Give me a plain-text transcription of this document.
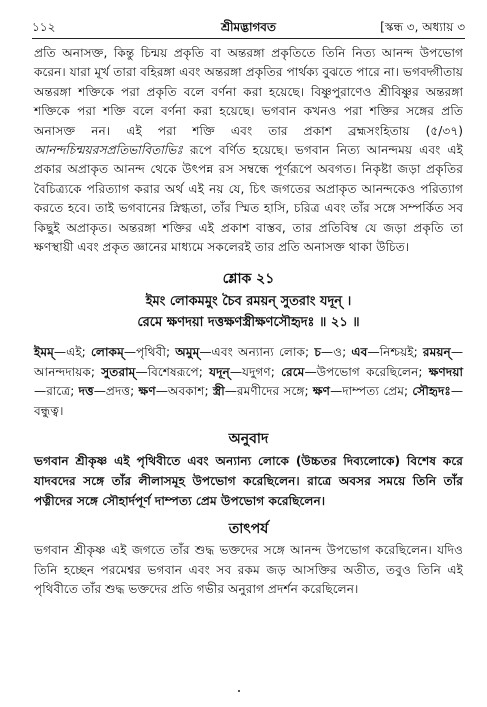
১১২	শ্রীমদ্ভাগবত	[স্কন্ধ ৩, অধ্যায় ৩

প্রতি অনাসক্ত, কিন্তু চিন্ময় প্রকৃতি বা অন্তরঙ্গা প্রকৃতিতে তিনি নিত্য আনন্দ উপভোগ করেন। যারা মূর্খ তারা বহিরঙ্গা এবং অন্তরঙ্গা প্রকৃতির পার্থক্য বুঝতে পারে না। ভগবদ্গীতায় অন্তরঙ্গা শক্তিকে পরা প্রকৃতি বলে বর্ণনা করা হয়েছে। বিষ্ণুপুরাণেও শ্রীবিষ্ণুর অন্তরঙ্গা শক্তিকে পরা শক্তি বলে বর্ণনা করা হয়েছে। ভগবান কখনও পরা শক্তির সঙ্গের প্রতি অনাসক্ত নন। এই পরা শক্তি এবং তার প্রকাশ ব্রহ্মসংহিতায় (৫/৩৭) আনন্দচিন্ময়রসপ্রতিভাবিতাভিঃ রূপে বর্ণিত হয়েছে। ভগবান নিত্য আনন্দময় এবং এই প্রকার অপ্রাকৃত আনন্দ থেকে উৎপন্ন রস সম্বন্ধে পূর্ণরূপে অবগত। নিকৃষ্টা জড়া প্রকৃতির বৈচিত্র্যকে পরিত্যাগ করার অর্থ এই নয় যে, চিৎ জগতের অপ্রাকৃত আনন্দকেও পরিত্যাগ করতে হবে। তাই ভগবানের স্নিগ্ধতা, তাঁর স্মিত হাসি, চরিত্র এবং তাঁর সঙ্গে সম্পর্কিত সব কিছুই অপ্রাকৃত। অন্তরঙ্গা শক্তির এই প্রকাশ বাস্তব, তার প্রতিবিম্ব যে জড়া প্রকৃতি তা ক্ষণস্থায়ী এবং প্রকৃত জ্ঞানের মাধ্যমে সকলেরই তার প্রতি অনাসক্ত থাকা উচিত।

শ্লোক ২১

ইমং লোকমমুং চৈব রময়ন্ সুতরাং যদূন্ ।

রেমে ক্ষণদয়া দত্তক্ষণস্ত্রীক্ষণসৌহৃদঃ ॥ ২১ ॥

ইমম্—এই; লোকম্—পৃথিবী; অমুম্—এবং অন্যান্য লোক; চ—ও; এব—নিশ্চয়ই; রময়ন্—আনন্দদায়ক; সুতরাম্—বিশেষরূপে; যদূন্—যদুগণ; রেমে—উপভোগ করেছিলেন; ক্ষণদয়া—রাত্রে; দত্ত—প্রদত্ত; ক্ষণ—অবকাশ; স্ত্রী—রমণীদের সঙ্গে; ক্ষণ—দাম্পত্য প্রেম; সৌহৃদঃ—বন্ধুত্ব।

অনুবাদ

ভগবান শ্রীকৃষ্ণ এই পৃথিবীতে এবং অন্যান্য লোকে (উচ্চতর দিব্যলোকে) বিশেষ করে যাদবদের সঙ্গে তাঁর লীলাসমূহ উপভোগ করেছিলেন। রাত্রে অবসর সময়ে তিনি তাঁর পত্নীদের সঙ্গে সৌহার্দপূর্ণ দাম্পত্য প্রেম উপভোগ করেছিলেন।

তাৎপর্য

ভগবান শ্রীকৃষ্ণ এই জগতে তাঁর শুদ্ধ ভক্তদের সঙ্গে আনন্দ উপভোগ করেছিলেন। যদিও তিনি হচ্ছেন পরমেশ্বর ভগবান এবং সব রকম জড় আসক্তির অতীত, তবুও তিনি এই পৃথিবীতে তাঁর শুদ্ধ ভক্তদের প্রতি গভীর অনুরাগ প্রদর্শন করেছিলেন।
